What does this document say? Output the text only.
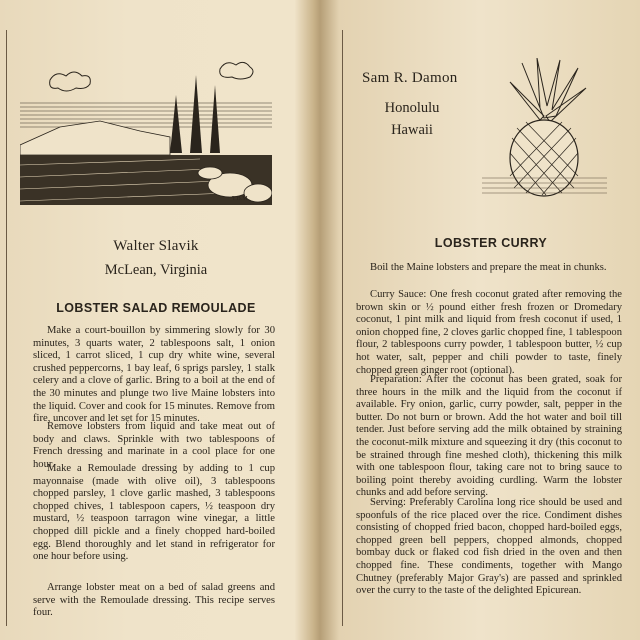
T.B.M.
Walter Slavik
McLean, Virginia
LOBSTER SALAD REMOULADE

Make a court-bouillon by simmering slowly for 30 minutes, 3 quarts water, 2 tablespoons salt, 1 onion sliced, 1 carrot sliced, 1 cup dry white wine, several crushed peppercorns, 1 bay leaf, 6 sprigs parsley, 1 stalk celery and a clove of garlic. Bring to a boil at the end of the 30 minutes and plunge two live Maine lobsters into the liquid. Cover and cook for 15 minutes. Remove from fire, uncover and let set for 15 minutes.

Remove lobsters from liquid and take meat out of body and claws. Sprinkle with two tablespoons of French dressing and marinate in a cool place for one hour.

Make a Remoulade dressing by adding to 1 cup mayonnaise (made with olive oil), 3 tablespoons chopped parsley, 1 clove garlic mashed, 3 tablespoons chopped chives, 1 tablespoon capers, ½ teaspoon dry mustard, ½ teaspoon tarragon wine vinegar, a little chopped dill pickle and a finely chopped hard-boiled egg. Blend thoroughly and let stand in refrigerator for one hour before using.

Arrange lobster meat on a bed of salad greens and serve with the Remoulade dressing. This recipe serves four.

Sam R. Damon
Honolulu
Hawaii
LOBSTER CURRY

Boil the Maine lobsters and prepare the meat in chunks.

Curry Sauce: One fresh coconut grated after removing the brown skin or ½ pound either fresh frozen or Dromedary coconut, 1 pint milk and liquid from fresh coconut if used, 1 onion chopped fine, 2 cloves garlic chopped fine, 1 tablespoon flour, 2 tablespoons curry powder, 1 tablespoon butter, ½ cup hot water, salt, pepper and chili powder to taste, finely chopped green ginger root (optional).

Preparation: After the coconut has been grated, soak for three hours in the milk and the liquid from the coconut if available. Fry onion, garlic, curry powder, salt, pepper in the butter. Do not burn or brown. Add the hot water and boil till tender. Just before serving add the milk obtained by straining the coconut-milk mixture and squeezing it dry (this coconut to be strained through fine meshed cloth), thickening this milk with one tablespoon flour, taking care not to bring sauce to boiling point thereby avoiding curdling. Warm the lobster chunks and add before serving.

Serving: Preferably Carolina long rice should be used and spoonfuls of the rice placed over the rice. Condiment dishes consisting of chopped fried bacon, chopped hard-boiled eggs, chopped green bell peppers, chopped almonds, chopped bombay duck or flaked cod fish dried in the oven and then chopped fine. These condiments, together with Mango Chutney (preferably Major Gray's) are passed and sprinkled over the curry to the taste of the delighted Epicurean.
